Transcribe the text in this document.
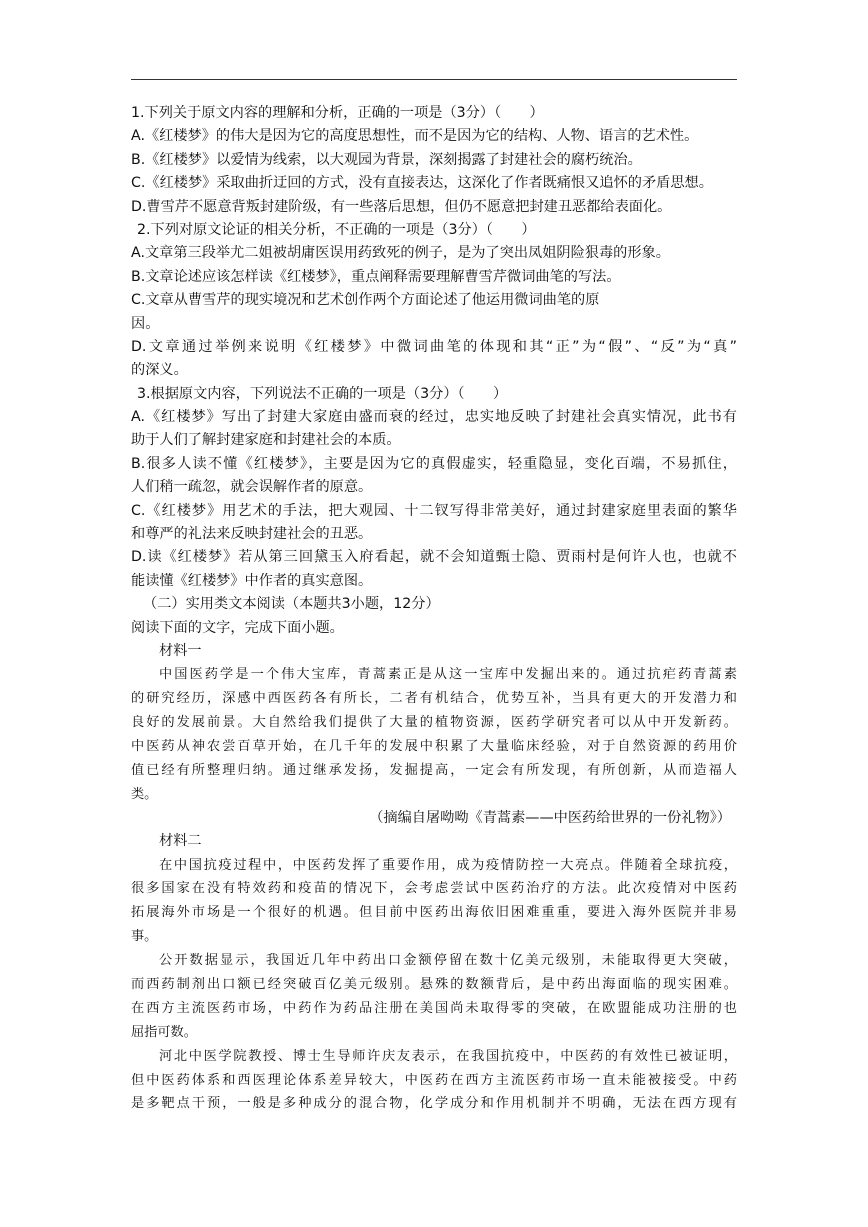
1.下列关于原文内容的理解和分析，正确的一项是（3分）（　　）
A.《红楼梦》的伟大是因为它的高度思想性，而不是因为它的结构、人物、语言的艺术性。
B.《红楼梦》以爱情为线索，以大观园为背景，深刻揭露了封建社会的腐朽统治。
C.《红楼梦》采取曲折迂回的方式，没有直接表达，这深化了作者既痛恨又追怀的矛盾思想。
D.曹雪芹不愿意背叛封建阶级，有一些落后思想，但仍不愿意把封建丑恶都给表面化。
2.下列对原文论证的相关分析，不正确的一项是（3分）（　　）
A.文章第三段举尤二姐被胡庸医误用药致死的例子，是为了突出凤姐阴险狠毒的形象。
B.文章论述应该怎样读《红楼梦》，重点阐释需要理解曹雪芹微词曲笔的写法。
C.文章从曹雪芹的现实境况和艺术创作两个方面论述了他运用微词曲笔的原
因。
D.文章通过举例来说明《红楼梦》中微词曲笔的体现和其“正”为“假”、“反”为“真”
的深义。
3.根据原文内容，下列说法不正确的一项是（3分）（　　）
A.《红楼梦》写出了封建大家庭由盛而衰的经过，忠实地反映了封建社会真实情况，此书有
助于人们了解封建家庭和封建社会的本质。
B.很多人读不懂《红楼梦》，主要是因为它的真假虚实，轻重隐显，变化百端，不易抓住，
人们稍一疏忽，就会误解作者的原意。
C.《红楼梦》用艺术的手法，把大观园、十二钗写得非常美好，通过封建家庭里表面的繁华
和尊严的礼法来反映封建社会的丑恶。
D.读《红楼梦》若从第三回黛玉入府看起，就不会知道甄士隐、贾雨村是何许人也，也就不
能读懂《红楼梦》中作者的真实意图。
（二）实用类文本阅读（本题共3小题，12分）
阅读下面的文字，完成下面小题。
材料一
中国医药学是一个伟大宝库，青蒿素正是从这一宝库中发掘出来的。通过抗疟药青蒿素
的研究经历，深感中西医药各有所长，二者有机结合，优势互补，当具有更大的开发潜力和
良好的发展前景。大自然给我们提供了大量的植物资源，医药学研究者可以从中开发新药。
中医药从神农尝百草开始，在几千年的发展中积累了大量临床经验，对于自然资源的药用价
值已经有所整理归纳。通过继承发扬，发掘提高，一定会有所发现，有所创新，从而造福人
类。
（摘编自屠呦呦《青蒿素——中医药给世界的一份礼物》）
材料二
在中国抗疫过程中，中医药发挥了重要作用，成为疫情防控一大亮点。伴随着全球抗疫，
很多国家在没有特效药和疫苗的情况下，会考虑尝试中医药治疗的方法。此次疫情对中医药
拓展海外市场是一个很好的机遇。但目前中医药出海依旧困难重重，要进入海外医院并非易
事。
公开数据显示，我国近几年中药出口金额停留在数十亿美元级别，未能取得更大突破，
而西药制剂出口额已经突破百亿美元级别。悬殊的数额背后，是中药出海面临的现实困难。
在西方主流医药市场，中药作为药品注册在美国尚未取得零的突破，在欧盟能成功注册的也
屈指可数。
河北中医学院教授、博士生导师许庆友表示，在我国抗疫中，中医药的有效性已被证明，
但中医药体系和西医理论体系差异较大，中医药在西方主流医药市场一直未能被接受。中药
是多靶点干预，一般是多种成分的混合物，化学成分和作用机制并不明确，无法在西方现有
